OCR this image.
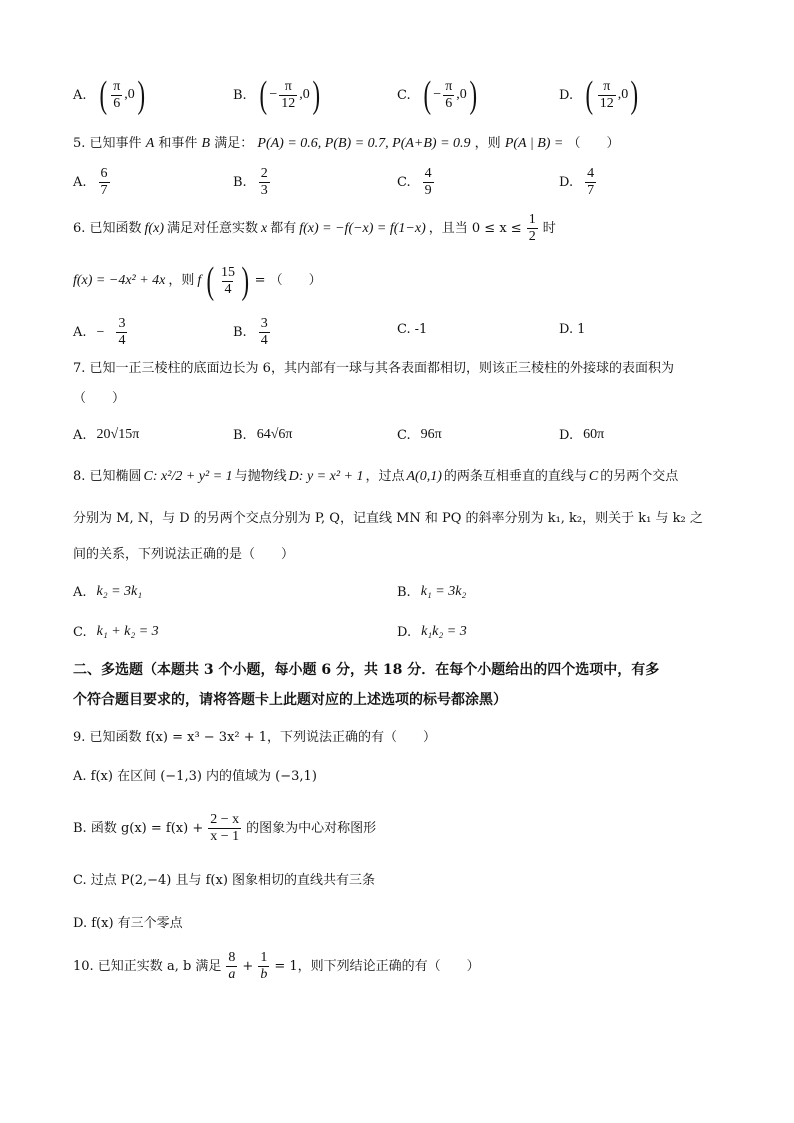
A. ( $\frac{\pi}{6} ,0$ )	B. ( − $\frac{\pi}{12} ,0$ )	C. ( − $\frac{\pi}{6} ,0$ )	D. ( $\frac{\pi}{12} ,0$ )
5. 已知事件 A 和事件 B 满足： P(A) = 0.6, P(B) = 0.7, P(A+B) = 0.9 ，则 P(A | B) = （　　）
A. $\frac{6}{7}$	B. $\frac{2}{3}$	C. $\frac{4}{9}$	D. $\frac{4}{7}$
6. 已知函数 f(x) 满足对任意实数 x 都有 f(x) = −f(−x) = f(1−x) ，且当 $0 \le x \le \frac{1}{2}$ 时
f(x) = −4x² + 4x ，则 f ( $\frac{15}{4}$ ) = （　　）
A. − $\frac{3}{4}$	B. $\frac{3}{4}$	C. -1	D. 1
7. 已知一正三棱柱的底面边长为 6，其内部有一球与其各表面都相切，则该正三棱柱的外接球的表面积为
（　　）
A. 20√15π	B. 64√6π	C. 96π	D. 60π
8. 已知椭圆 C: x²/2 + y² = 1 与抛物线 D: y = x² + 1 ，过点 A(0,1) 的两条互相垂直的直线与 C 的另两个交点
分别为 M, N，与 D 的另两个交点分别为 P, Q，记直线 MN 和 PQ 的斜率分别为 k₁, k₂，则关于 k₁ 与 k₂ 之
间的关系，下列说法正确的是（　　）
A. k₂ = 3k₁	B. k₁ = 3k₂
C. k₁ + k₂ = 3	D. k₁k₂ = 3
二、多选题（本题共 3 个小题，每小题 6 分，共 18 分．在每个小题给出的四个选项中，有多
个符合题目要求的，请将答题卡上此题对应的上述选项的标号都涂黑）
9. 已知函数 f(x) = x³ − 3x² + 1，下列说法正确的有（　　）
A. f(x) 在区间 (−1,3) 内的值域为 (−3,1)
B. 函数 $g(x) = f(x) + \frac{2 - x}{x - 1}$ 的图象为中心对称图形
C. 过点 P(2,−4) 且与 f(x) 图象相切的直线共有三条
D. f(x) 有三个零点
10. 已知正实数 a, b 满足 $\frac{8}{a} + \frac{1}{b} = 1$，则下列结论正确的有（　　）
